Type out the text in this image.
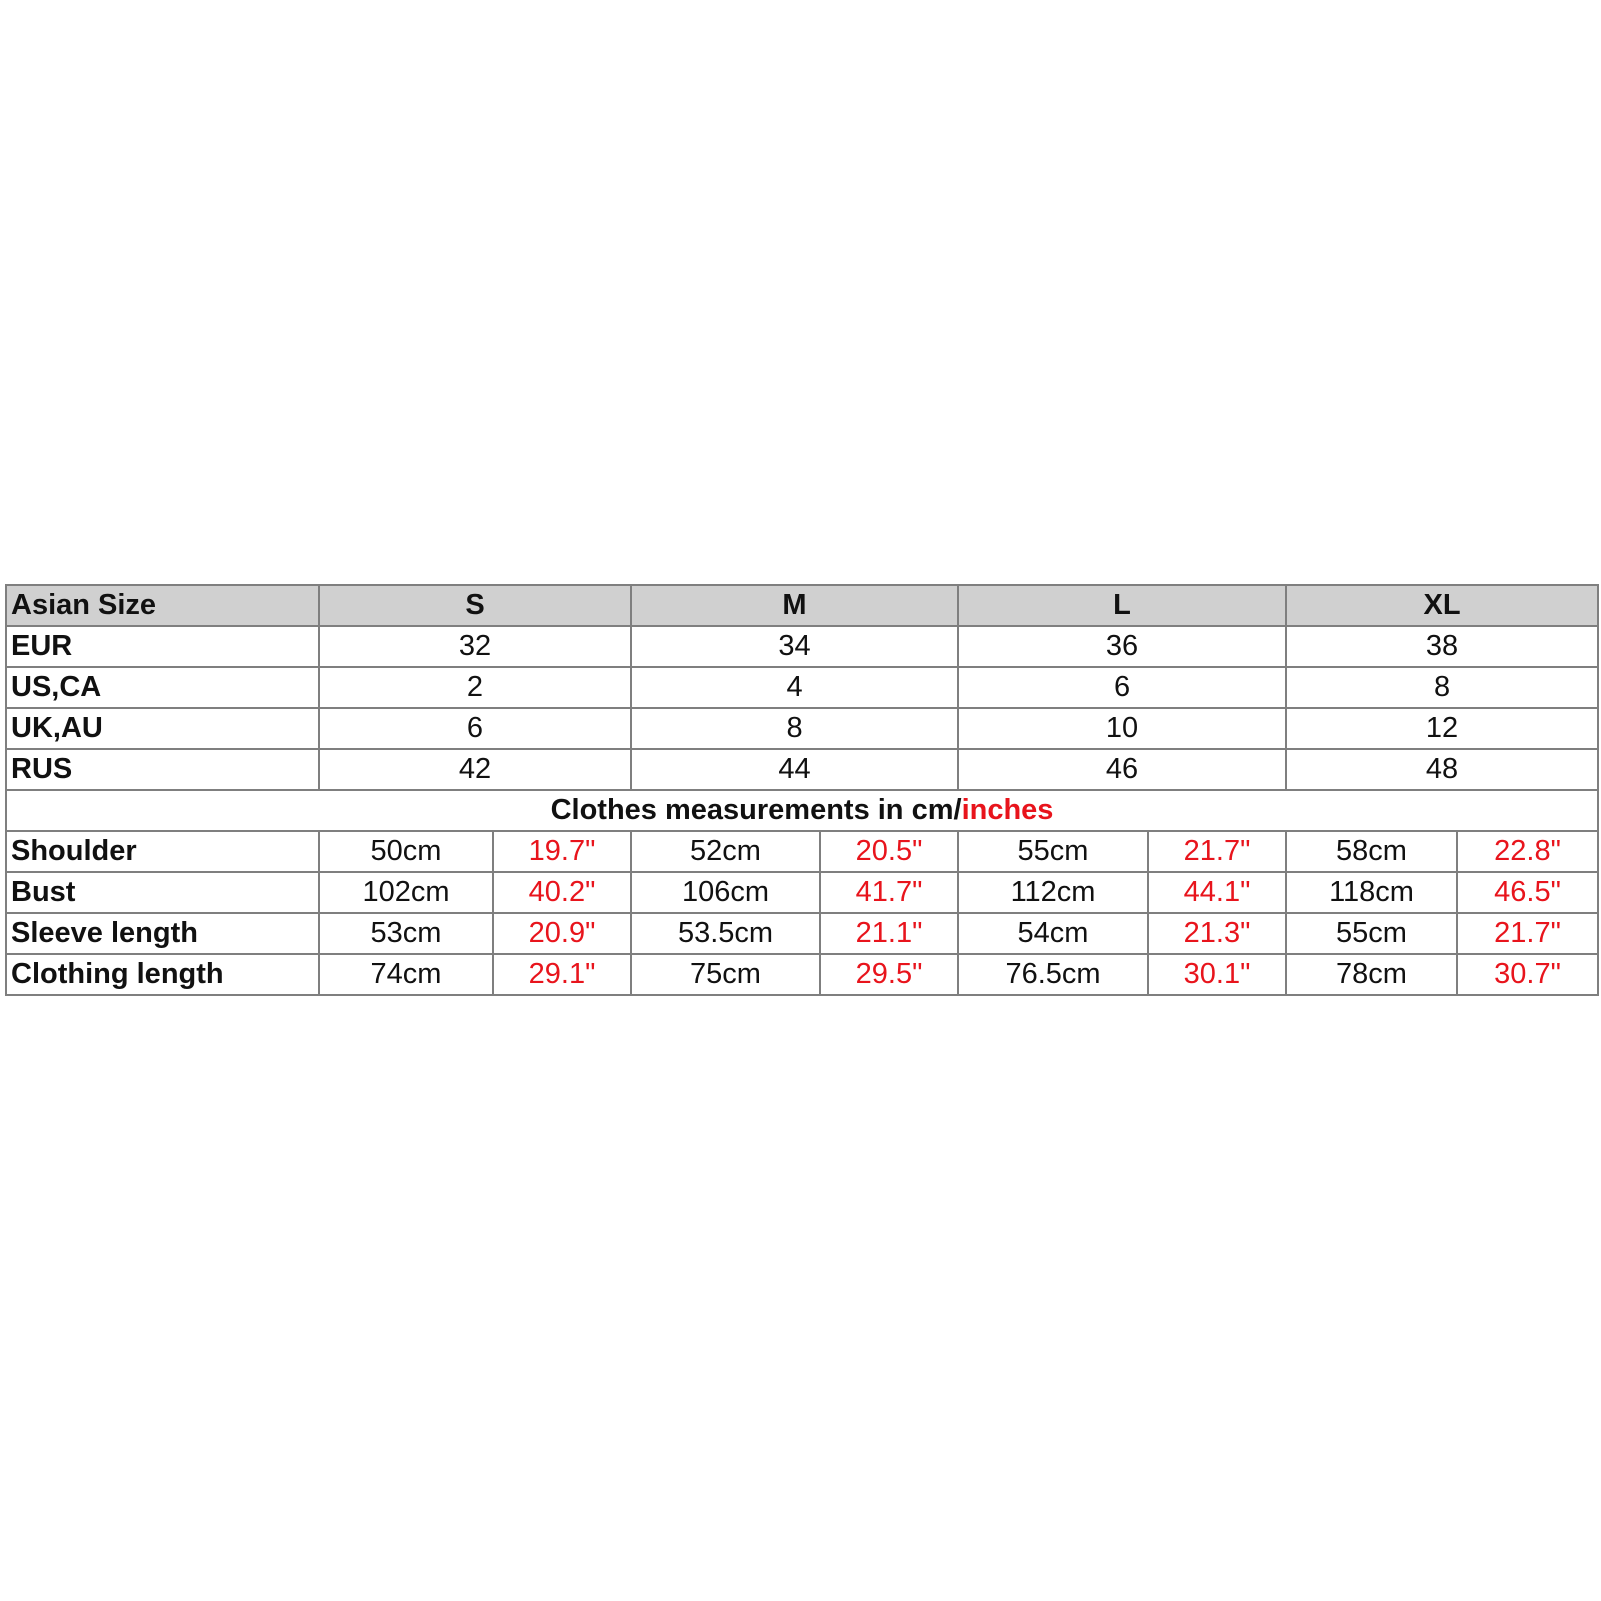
Asian Size	S		M		L		XL	
EUR	32		34		36		38	
US,CA	2		4		6		8	
UK,AU	6		8		10		12	
RUS	42		44		46		48	
Clothes measurements in cm/inches								
Shoulder	50cm	19.7"	52cm	20.5"	55cm	21.7"	58cm	22.8"
Bust	102cm	40.2"	106cm	41.7"	112cm	44.1"	118cm	46.5"
Sleeve length	53cm	20.9"	53.5cm	21.1"	54cm	21.3"	55cm	21.7"
Clothing length	74cm	29.1"	75cm	29.5"	76.5cm	30.1"	78cm	30.7"
